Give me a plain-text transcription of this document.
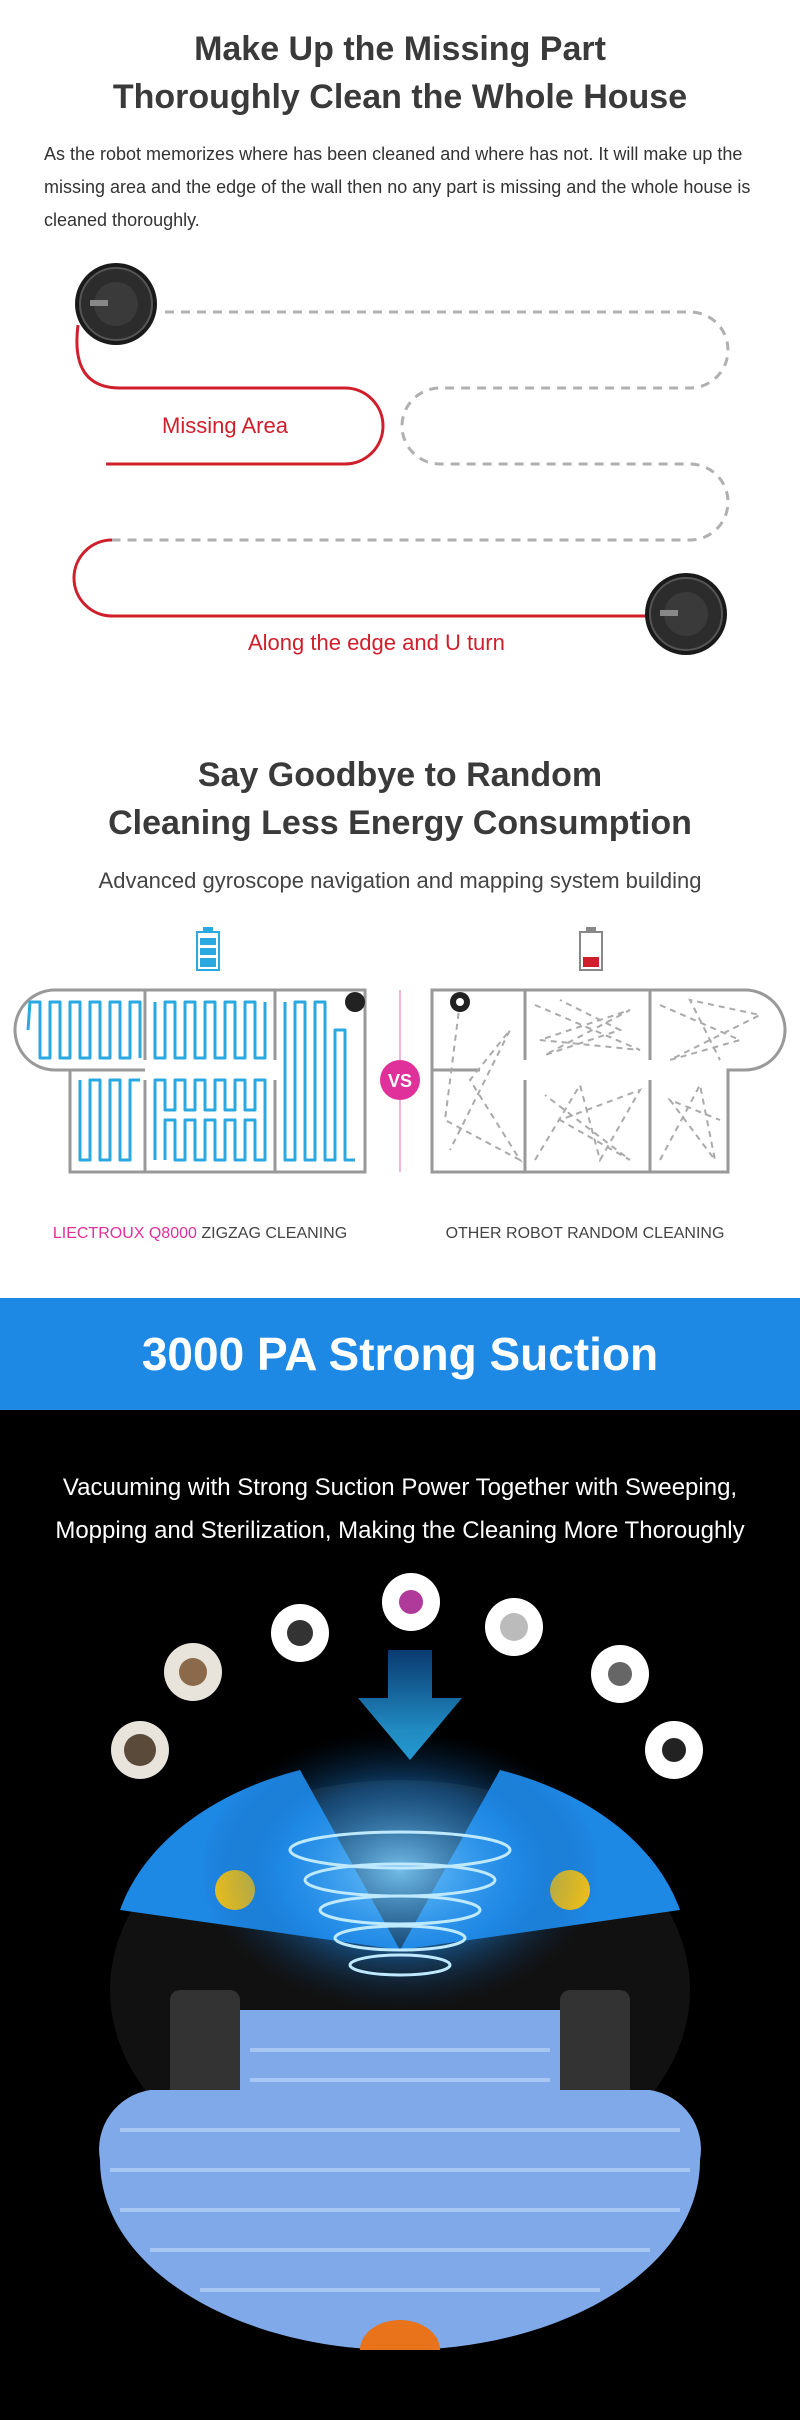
Make Up the Missing Part
Thoroughly Clean the Whole House
As the robot memorizes where has been cleaned and where has not. It will make up the missing area and the edge of the wall then no any part is missing and the whole house is cleaned thoroughly.
Missing Area
Along the edge and U turn
Say Goodbye to Random
Cleaning Less Energy Consumption
Advanced gyroscope navigation and mapping system building
VS
LIECTROUX Q8000 ZIGZAG CLEANING	OTHER ROBOT RANDOM CLEANING
3000 PA Strong Suction
Vacuuming with Strong Suction Power Together with Sweeping,
Mopping and Sterilization, Making the Cleaning More Thoroughly
